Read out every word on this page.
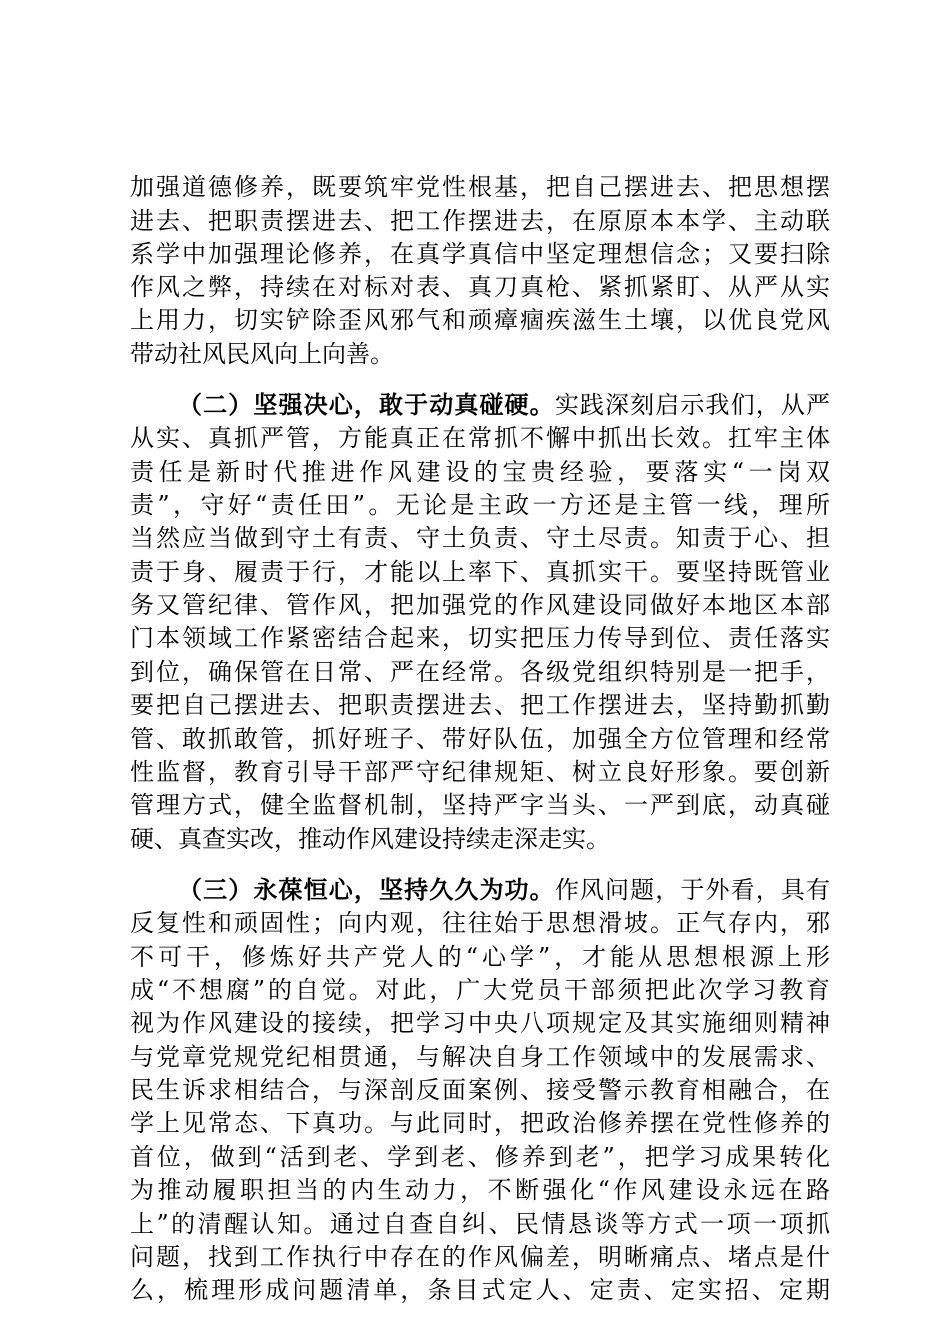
加强道德修养，既要筑牢党性根基，把自己摆进去、把思想摆
进去、把职责摆进去、把工作摆进去，在原原本本学、主动联
系学中加强理论修养，在真学真信中坚定理想信念；又要扫除
作风之弊，持续在对标对表、真刀真枪、紧抓紧盯、从严从实
上用力，切实铲除歪风邪气和顽瘴痼疾滋生土壤，以优良党风
带动社风民风向上向善。
（二）坚强决心，敢于动真碰硬。实践深刻启示我们，从严
从实、真抓严管，方能真正在常抓不懈中抓出长效。扛牢主体
责任是新时代推进作风建设的宝贵经验，要落实“一岗双
责”，守好“责任田”。无论是主政一方还是主管一线，理所
当然应当做到守土有责、守土负责、守土尽责。知责于心、担
责于身、履责于行，才能以上率下、真抓实干。要坚持既管业
务又管纪律、管作风，把加强党的作风建设同做好本地区本部
门本领域工作紧密结合起来，切实把压力传导到位、责任落实
到位，确保管在日常、严在经常。各级党组织特别是一把手，
要把自己摆进去、把职责摆进去、把工作摆进去，坚持勤抓勤
管、敢抓敢管，抓好班子、带好队伍，加强全方位管理和经常
性监督，教育引导干部严守纪律规矩、树立良好形象。要创新
管理方式，健全监督机制，坚持严字当头、一严到底，动真碰
硬、真查实改，推动作风建设持续走深走实。
（三）永葆恒心，坚持久久为功。作风问题，于外看，具有
反复性和顽固性；向内观，往往始于思想滑坡。正气存内，邪
不可干，修炼好共产党人的“心学”，才能从思想根源上形
成“不想腐”的自觉。对此，广大党员干部须把此次学习教育
视为作风建设的接续，把学习中央八项规定及其实施细则精神
与党章党规党纪相贯通，与解决自身工作领域中的发展需求、
民生诉求相结合，与深剖反面案例、接受警示教育相融合，在
学上见常态、下真功。与此同时，把政治修养摆在党性修养的
首位，做到“活到老、学到老、修养到老”，把学习成果转化
为推动履职担当的内生动力，不断强化“作风建设永远在路
上”的清醒认知。通过自查自纠、民情恳谈等方式一项一项抓
问题，找到工作执行中存在的作风偏差，明晰痛点、堵点是什
么，梳理形成问题清单，条目式定人、定责、定实招、定期
